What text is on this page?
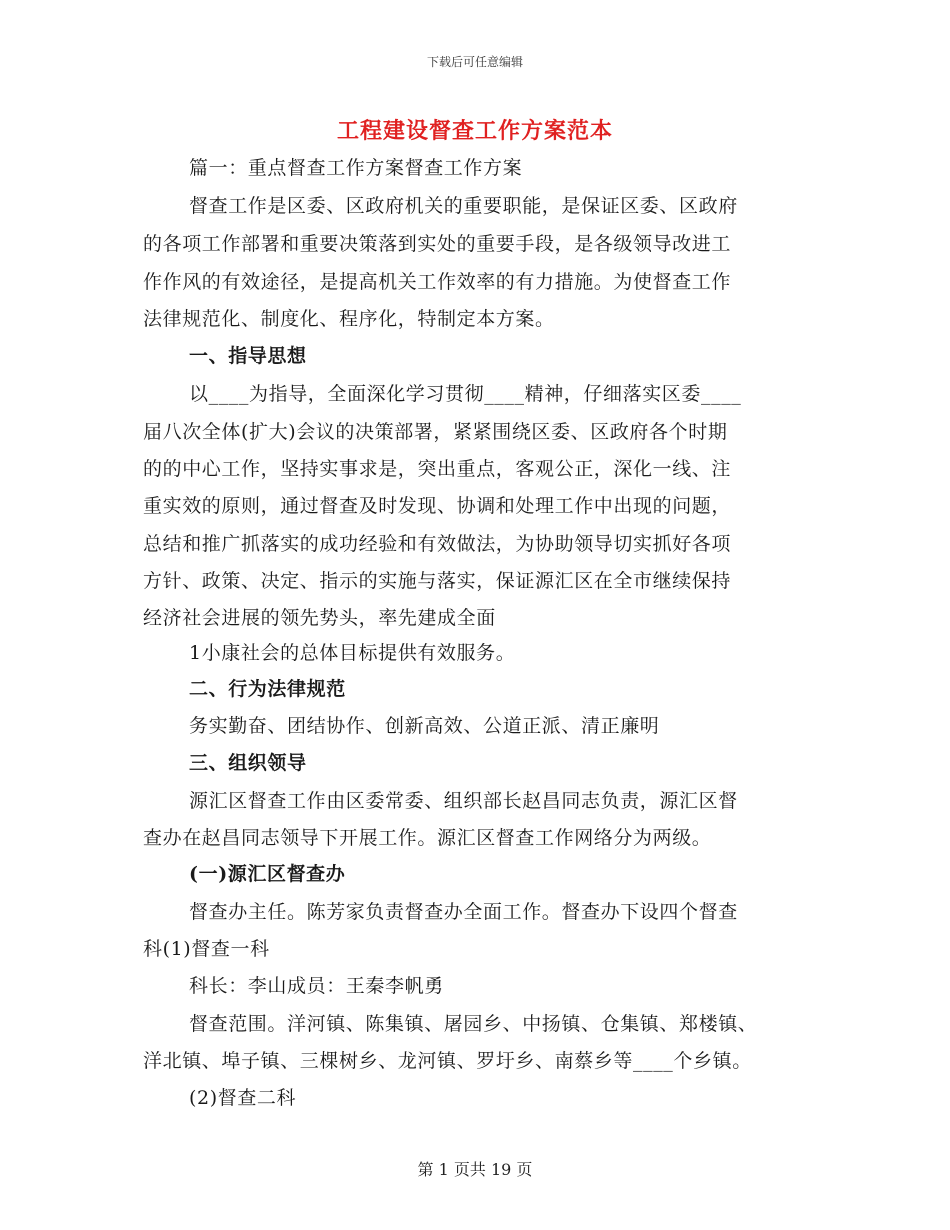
下载后可任意编辑
工程建设督查工作方案范本
篇一：重点督查工作方案督查工作方案
督查工作是区委、区政府机关的重要职能，是保证区委、区政府
的各项工作部署和重要决策落到实处的重要手段，是各级领导改进工
作作风的有效途径，是提高机关工作效率的有力措施。为使督查工作
法律规范化、制度化、程序化，特制定本方案。
一、指导思想
以____为指导，全面深化学习贯彻____精神，仔细落实区委____
届八次全体(扩大)会议的决策部署，紧紧围绕区委、区政府各个时期
的的中心工作，坚持实事求是，突出重点，客观公正，深化一线、注
重实效的原则，通过督查及时发现、协调和处理工作中出现的问题，
总结和推广抓落实的成功经验和有效做法，为协助领导切实抓好各项
方针、政策、决定、指示的实施与落实，保证源汇区在全市继续保持
经济社会进展的领先势头，率先建成全面
1小康社会的总体目标提供有效服务。
二、行为法律规范
务实勤奋、团结协作、创新高效、公道正派、清正廉明
三、组织领导
源汇区督查工作由区委常委、组织部长赵昌同志负责，源汇区督
查办在赵昌同志领导下开展工作。源汇区督查工作网络分为两级。
(一)源汇区督查办
督查办主任。陈芳家负责督查办全面工作。督查办下设四个督查
科(1)督查一科
科长：李山成员：王秦李帆勇
督查范围。洋河镇、陈集镇、屠园乡、中扬镇、仓集镇、郑楼镇、
洋北镇、埠子镇、三棵树乡、龙河镇、罗圩乡、南蔡乡等____个乡镇。
(2)督查二科
第 1 页共 19 页
